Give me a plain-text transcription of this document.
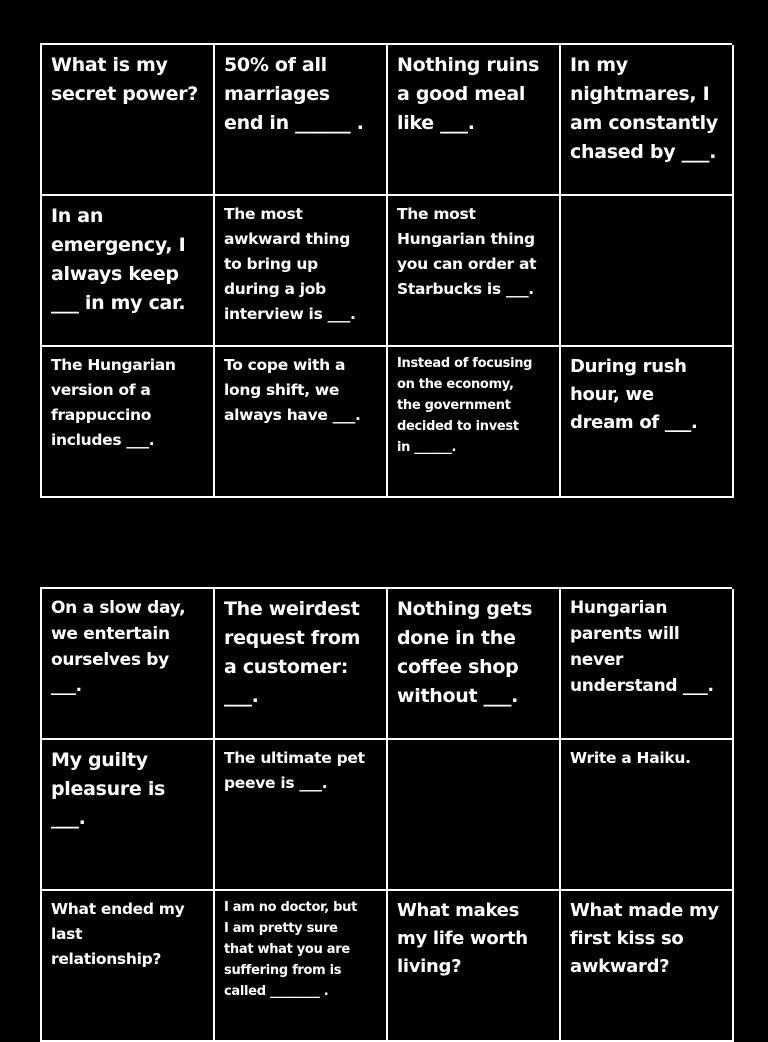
What is my
secret power?
50% of all
marriages
end in ______ .
Nothing ruins
a good meal
like ___.
In my
nightmares, I
am constantly
chased by ___.
In an
emergency, I
always keep
___ in my car.
The most
awkward thing
to bring up
during a job
interview is ___.
The most
Hungarian thing
you can order at
Starbucks is ___.
The Hungarian
version of a
frappuccino
includes ___.
To cope with a
long shift, we
always have ___.
Instead of focusing
on the economy,
the government
decided to invest
in ______.
During rush
hour, we
dream of ___.
On a slow day,
we entertain
ourselves by
___.
The weirdest
request from
a customer:
___.
Nothing gets
done in the
coffee shop
without ___.
Hungarian
parents will
never
understand ___.
My guilty
pleasure is
___.
The ultimate pet
peeve is ___.
Write a Haiku.
What ended my
last
relationship?
I am no doctor, but
I am pretty sure
that what you are
suffering from is
called ________ .
What makes
my life worth
living?
What made my
first kiss so
awkward?
